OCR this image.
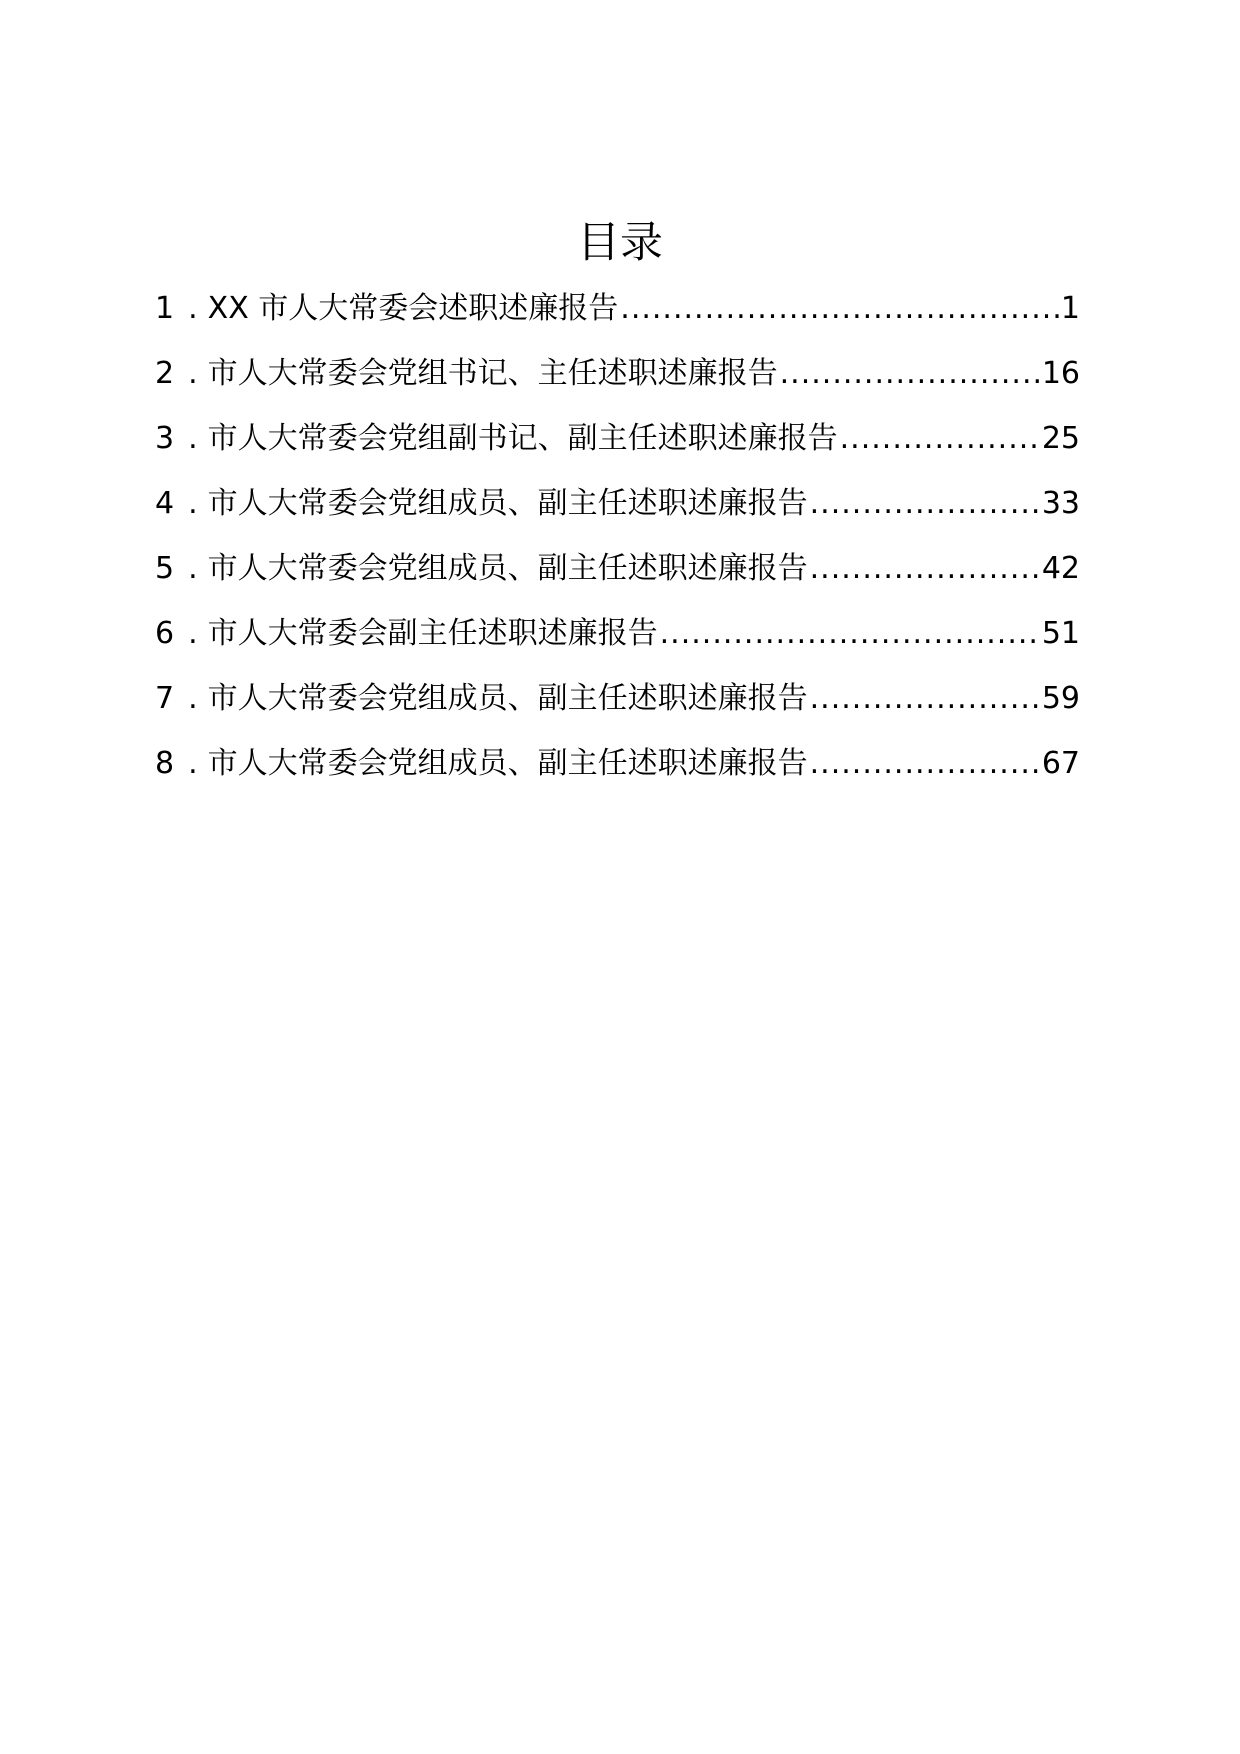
目录
1 . XX 市人大常委会述职述廉报告 .....	1
2 . 市人大常委会党组书记、主任述职述廉报告 .....	16
3 . 市人大常委会党组副书记、副主任述职述廉报告 .....	25
4 . 市人大常委会党组成员、副主任述职述廉报告 .....	33
5 . 市人大常委会党组成员、副主任述职述廉报告 .....	42
6 . 市人大常委会副主任述职述廉报告 .....	51
7 . 市人大常委会党组成员、副主任述职述廉报告 .....	59
8 . 市人大常委会党组成员、副主任述职述廉报告 .....	67
